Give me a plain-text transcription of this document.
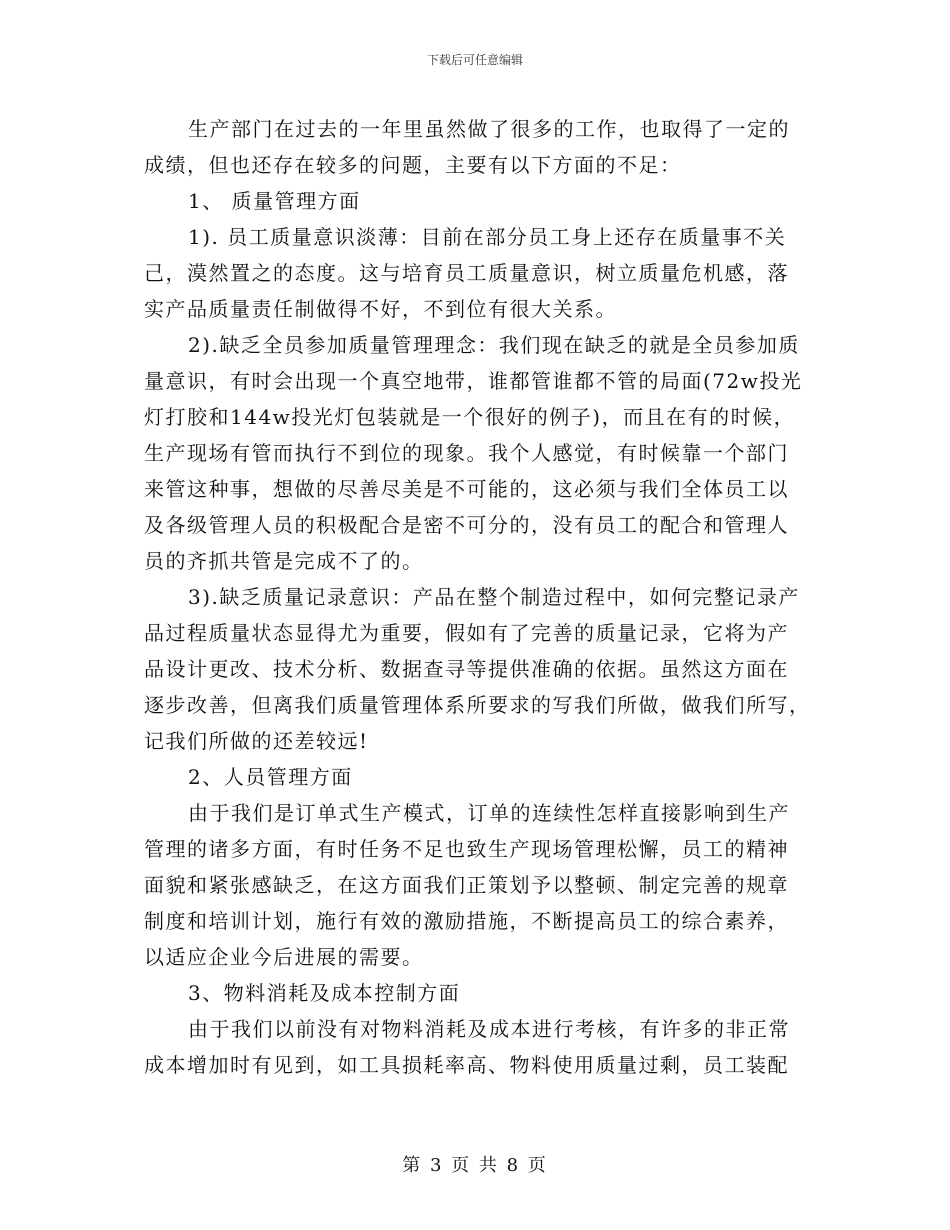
下载后可任意编辑

生产部门在过去的一年里虽然做了很多的工作，也取得了一定的
成绩，但也还存在较多的问题，主要有以下方面的不足：

1、 质量管理方面

1). 员工质量意识淡薄：目前在部分员工身上还存在质量事不关
己，漠然置之的态度。这与培育员工质量意识，树立质量危机感，落
实产品质量责任制做得不好，不到位有很大关系。

2).缺乏全员参加质量管理理念：我们现在缺乏的就是全员参加质
量意识，有时会出现一个真空地带，谁都管谁都不管的局面(72w投光
灯打胶和144w投光灯包装就是一个很好的例子)，而且在有的时候，
生产现场有管而执行不到位的现象。我个人感觉，有时候靠一个部门
来管这种事，想做的尽善尽美是不可能的，这必须与我们全体员工以
及各级管理人员的积极配合是密不可分的，没有员工的配合和管理人
员的齐抓共管是完成不了的。

3).缺乏质量记录意识：产品在整个制造过程中，如何完整记录产
品过程质量状态显得尤为重要，假如有了完善的质量记录，它将为产
品设计更改、技术分析、数据查寻等提供准确的依据。虽然这方面在
逐步改善，但离我们质量管理体系所要求的写我们所做，做我们所写，
记我们所做的还差较远!

2、人员管理方面

由于我们是订单式生产模式，订单的连续性怎样直接影响到生产
管理的诸多方面，有时任务不足也致生产现场管理松懈，员工的精神
面貌和紧张感缺乏，在这方面我们正策划予以整顿、制定完善的规章
制度和培训计划，施行有效的激励措施，不断提高员工的综合素养，
以适应企业今后进展的需要。

3、物料消耗及成本控制方面

由于我们以前没有对物料消耗及成本进行考核，有许多的非正常
成本增加时有见到，如工具损耗率高、物料使用质量过剩，员工装配

第 3 页 共 8 页
